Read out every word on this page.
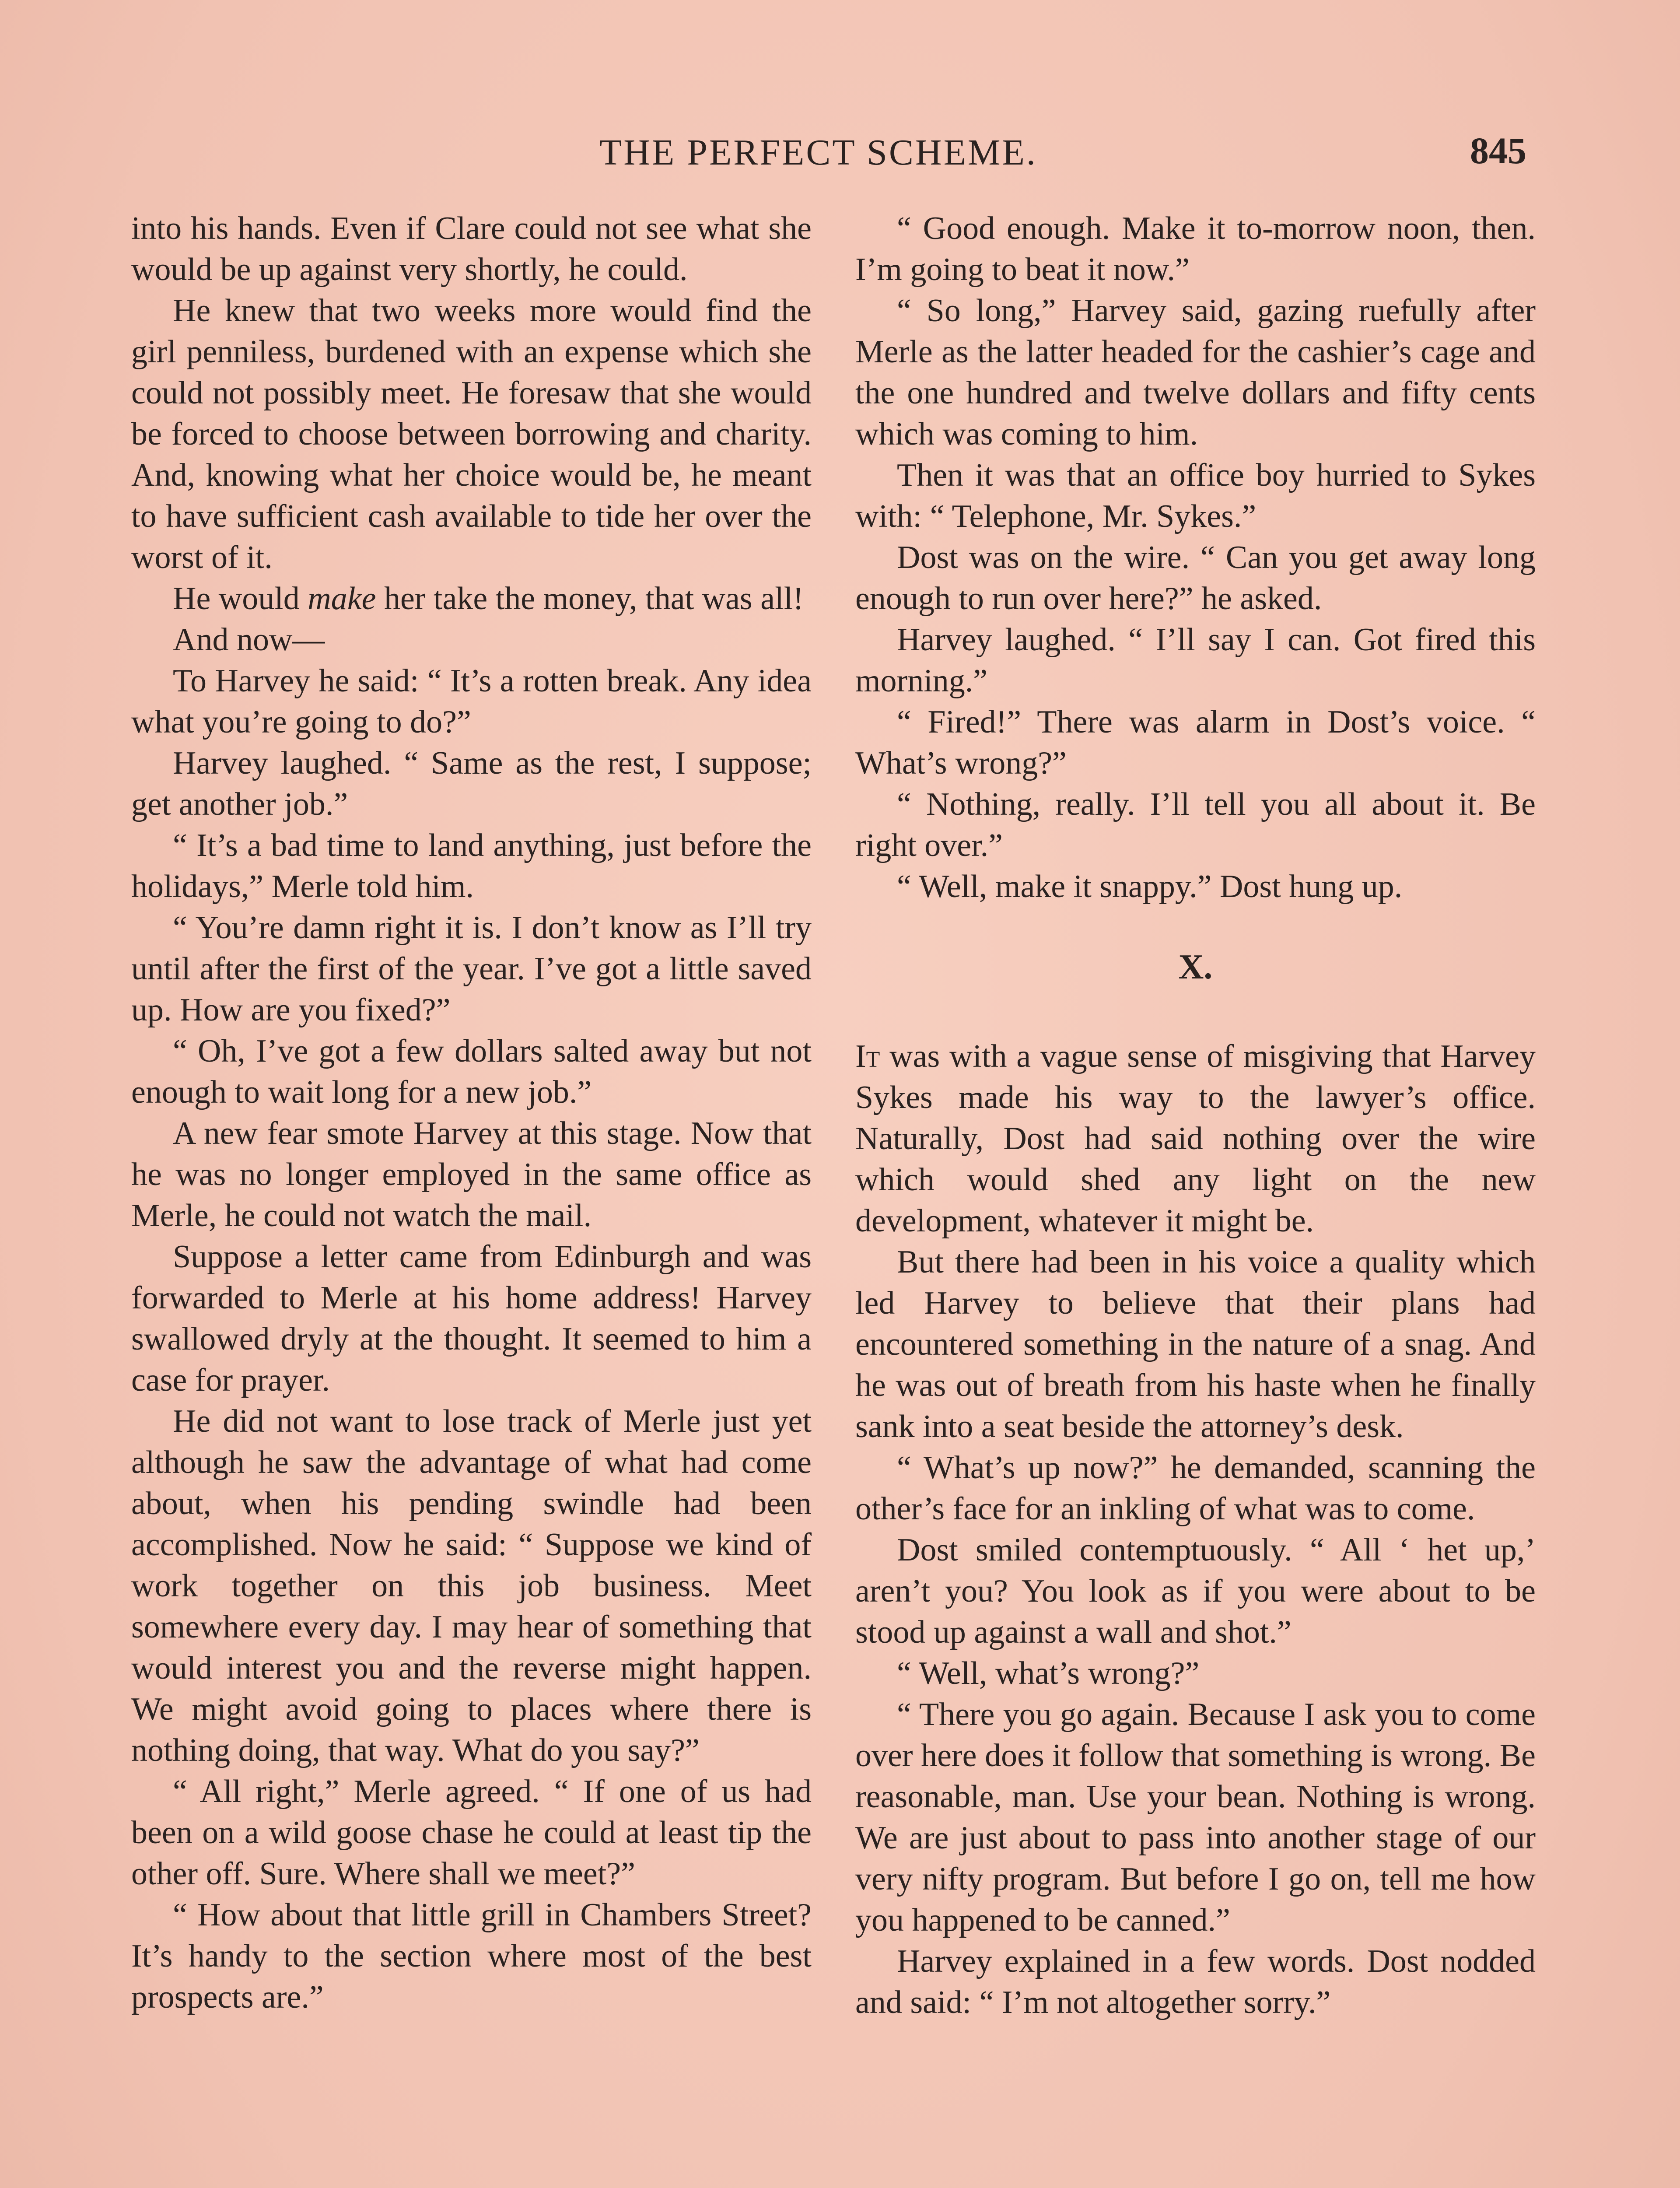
THE PERFECT SCHEME.	845

into his hands. Even if Clare could not see what she would be up against very shortly, he could.

He knew that two weeks more would find the girl penniless, burdened with an expense which she could not possibly meet. He foresaw that she would be forced to choose between borrowing and charity. And, knowing what her choice would be, he meant to have sufficient cash available to tide her over the worst of it.

He would make her take the money, that was all!

And now—

To Harvey he said: “ It’s a rotten break. Any idea what you’re going to do?”

Harvey laughed. “ Same as the rest, I suppose; get another job.”

“ It’s a bad time to land anything, just before the holidays,” Merle told him.

“ You’re damn right it is. I don’t know as I’ll try until after the first of the year. I’ve got a little saved up. How are you fixed?”

“ Oh, I’ve got a few dollars salted away but not enough to wait long for a new job.”

A new fear smote Harvey at this stage. Now that he was no longer employed in the same office as Merle, he could not watch the mail.

Suppose a letter came from Edinburgh and was forwarded to Merle at his home address! Harvey swallowed dryly at the thought. It seemed to him a case for prayer.

He did not want to lose track of Merle just yet although he saw the advantage of what had come about, when his pending swindle had been accomplished. Now he said: “ Suppose we kind of work together on this job business. Meet somewhere every day. I may hear of something that would interest you and the reverse might happen. We might avoid going to places where there is nothing doing, that way. What do you say?”

“ All right,” Merle agreed. “ If one of us had been on a wild goose chase he could at least tip the other off. Sure. Where shall we meet?”

“ How about that little grill in Chambers Street? It’s handy to the section where most of the best prospects are.”

“ Good enough. Make it to-morrow noon, then. I’m going to beat it now.”

“ So long,” Harvey said, gazing ruefully after Merle as the latter headed for the cashier’s cage and the one hundred and twelve dollars and fifty cents which was coming to him.

Then it was that an office boy hurried to Sykes with: “ Telephone, Mr. Sykes.”

Dost was on the wire. “ Can you get away long enough to run over here?” he asked.

Harvey laughed. “ I’ll say I can. Got fired this morning.”

“ Fired!” There was alarm in Dost’s voice. “ What’s wrong?”

“ Nothing, really. I’ll tell you all about it. Be right over.”

“ Well, make it snappy.” Dost hung up.

X.

It was with a vague sense of misgiving that Harvey Sykes made his way to the lawyer’s office. Naturally, Dost had said nothing over the wire which would shed any light on the new development, whatever it might be.

But there had been in his voice a quality which led Harvey to believe that their plans had encountered something in the nature of a snag. And he was out of breath from his haste when he finally sank into a seat beside the attorney’s desk.

“ What’s up now?” he demanded, scanning the other’s face for an inkling of what was to come.

Dost smiled contemptuously. “ All ‘ het up,’ aren’t you? You look as if you were about to be stood up against a wall and shot.”

“ Well, what’s wrong?”

“ There you go again. Because I ask you to come over here does it follow that something is wrong. Be reasonable, man. Use your bean. Nothing is wrong. We are just about to pass into another stage of our very nifty program. But before I go on, tell me how you happened to be canned.”

Harvey explained in a few words. Dost nodded and said: “ I’m not altogether sorry.”
